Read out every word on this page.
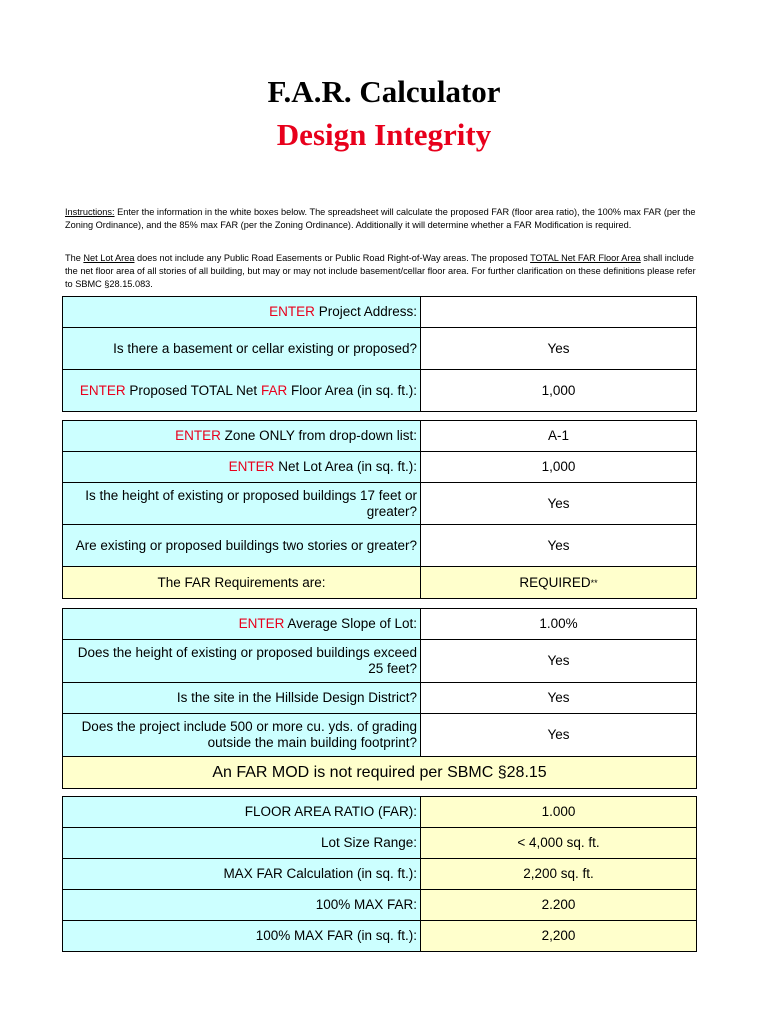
F.A.R. Calculator
Design Integrity
Instructions: Enter the information in the white boxes below. The spreadsheet will calculate the proposed FAR (floor area ratio), the 100% max FAR (per the Zoning Ordinance), and the 85% max FAR (per the Zoning Ordinance). Additionally it will determine whether a FAR Modification is required.
The Net Lot Area does not include any Public Road Easements or Public Road Right-of-Way areas. The proposed TOTAL Net FAR Floor Area shall include the net floor area of all stories of all building, but may or may not include basement/cellar floor area. For further clarification on these definitions please refer to SBMC §28.15.083.
ENTER Project Address:	
Is there a basement or cellar existing or proposed?	Yes
ENTER Proposed TOTAL Net FAR Floor Area (in sq. ft.):	1,000
ENTER Zone ONLY from drop-down list:	A-1
ENTER Net Lot Area (in sq. ft.):	1,000
Is the height of existing or proposed buildings 17 feet or greater?	Yes
Are existing or proposed buildings two stories or greater?	Yes
The FAR Requirements are:	REQUIRED**
ENTER Average Slope of Lot:	1.00%
Does the height of existing or proposed buildings exceed 25 feet?	Yes
Is the site in the Hillside Design District?	Yes
Does the project include 500 or more cu. yds. of grading outside the main building footprint?	Yes
An FAR MOD is not required per SBMC §28.15	
FLOOR AREA RATIO (FAR):	1.000
Lot Size Range:	< 4,000 sq. ft.
MAX FAR Calculation (in sq. ft.):	2,200 sq. ft.
100% MAX FAR:	2.200
100% MAX FAR (in sq. ft.):	2,200
